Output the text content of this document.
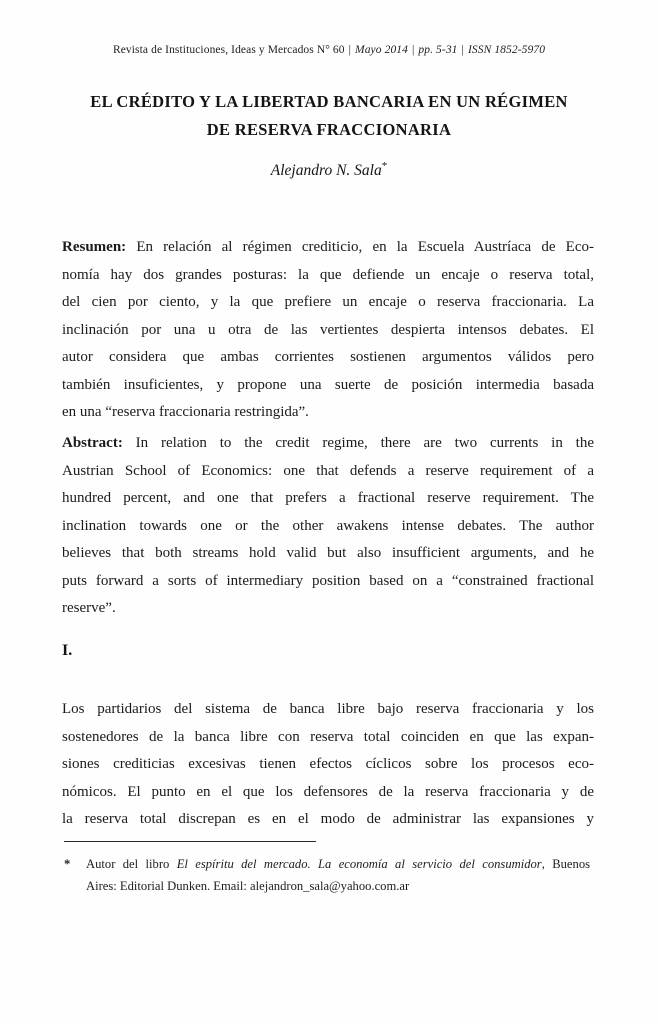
Revista de Instituciones, Ideas y Mercados N° 60 | Mayo 2014 | pp. 5-31 | ISSN 1852-5970
EL CRÉDITO Y LA LIBERTAD BANCARIA EN UN RÉGIMEN
DE RESERVA FRACCIONARIA
Alejandro N. Sala*
Resumen: En relación al régimen crediticio, en la Escuela Austríaca de Eco-
nomía hay dos grandes posturas: la que defiende un encaje o reserva total,
del cien por ciento, y la que prefiere un encaje o reserva fraccionaria. La
inclinación por una u otra de las vertientes despierta intensos debates. El
autor considera que ambas corrientes sostienen argumentos válidos pero
también insuficientes, y propone una suerte de posición intermedia basada
en una “reserva fraccionaria restringida”.
Abstract: In relation to the credit regime, there are two currents in the
Austrian School of Economics: one that defends a reserve requirement of a
hundred percent, and one that prefers a fractional reserve requirement. The
inclination towards one or the other awakens intense debates. The author
believes that both streams hold valid but also insufficient arguments, and he
puts forward a sorts of intermediary position based on a “constrained fractional
reserve”.
I.
Los partidarios del sistema de banca libre bajo reserva fraccionaria y los
sostenedores de la banca libre con reserva total coinciden en que las expan-
siones crediticias excesivas tienen efectos cíclicos sobre los procesos eco-
nómicos. El punto en el que los defensores de la reserva fraccionaria y de
la reserva total discrepan es en el modo de administrar las expansiones y
* Autor del libro El espíritu del mercado. La economía al servicio del consumidor, Buenos
Aires: Editorial Dunken. Email: alejandron_sala@yahoo.com.ar
